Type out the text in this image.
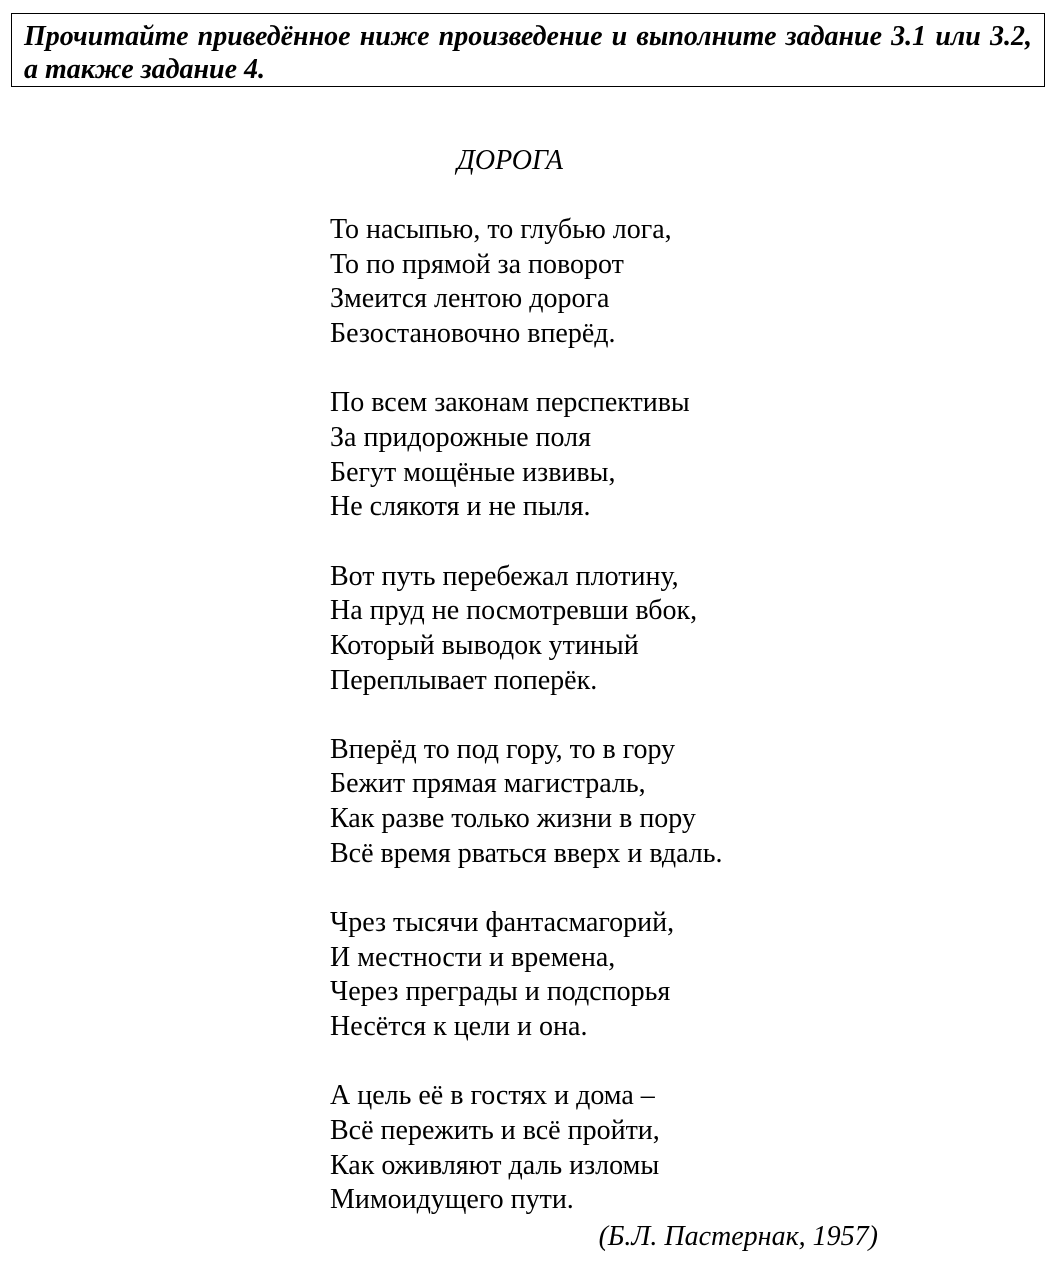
Прочитайте приведённое ниже произведение и выполните задание 3.1 или 3.2, а также задание 4.
ДОРОГА
То насыпью, то глубью лога,
То по прямой за поворот
Змеится лентою дорога
Безостановочно вперёд.
По всем законам перспективы
За придорожные поля
Бегут мощёные извивы,
Не слякотя и не пыля.
Вот путь перебежал плотину,
На пруд не посмотревши вбок,
Который выводок утиный
Переплывает поперёк.
Вперёд то под гору, то в гору
Бежит прямая магистраль,
Как разве только жизни в пору
Всё время рваться вверх и вдаль.
Чрез тысячи фантасмагорий,
И местности и времена,
Через преграды и подспорья
Несётся к цели и она.
А цель её в гостях и дома –
Всё пережить и всё пройти,
Как оживляют даль изломы
Мимоидущего пути.
(Б.Л. Пастернак, 1957)
